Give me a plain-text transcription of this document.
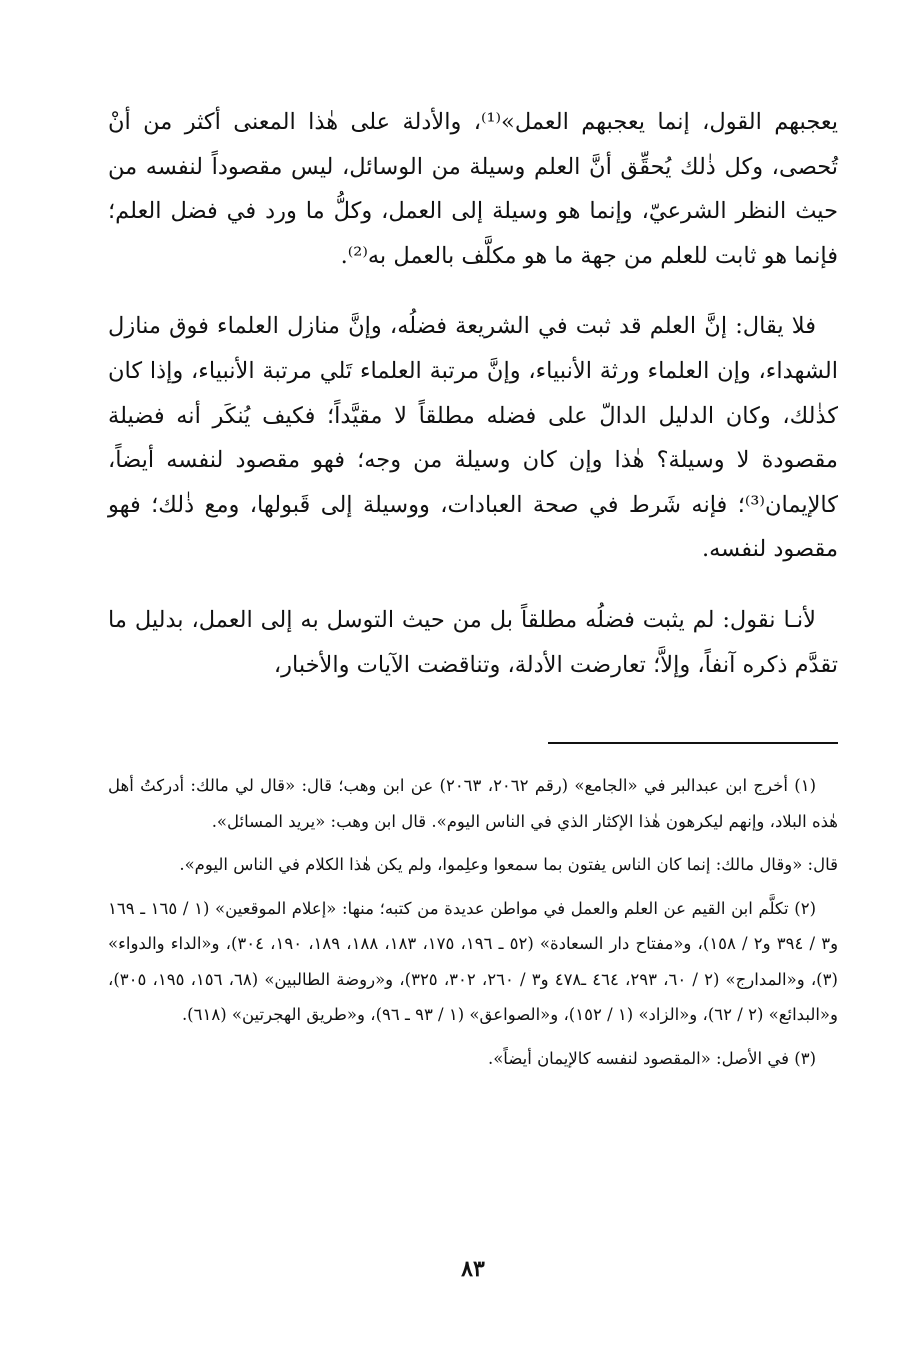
يعجبهم القول، إنما يعجبهم العمل»⁽¹⁾، والأدلة على هٰذا المعنى أكثر من أنْ تُحصى، وكل ذٰلك يُحقِّق أنَّ العلم وسيلة من الوسائل، ليس مقصوداً لنفسه من حيث النظر الشرعيّ، وإنما هو وسيلة إلى العمل، وكلُّ ما ورد في فضل العلم؛ فإنما هو ثابت للعلم من جهة ما هو مكلَّف بالعمل به⁽²⁾.

فلا يقال: إنَّ العلم قد ثبت في الشريعة فضلُه، وإنَّ منازل العلماء فوق منازل الشهداء، وإن العلماء ورثة الأنبياء، وإنَّ مرتبة العلماء تَلي مرتبة الأنبياء، وإذا كان كذٰلك، وكان الدليل الدالّ على فضله مطلقاً لا مقيَّداً؛ فكيف يُنكَر أنه فضيلة مقصودة لا وسيلة؟ هٰذا وإن كان وسيلة من وجه؛ فهو مقصود لنفسه أيضاً، كالإيمان⁽³⁾؛ فإنه شَرط في صحة العبادات، ووسيلة إلى قَبولها، ومع ذٰلك؛ فهو مقصود لنفسه.

لأنـا نقول: لم يثبت فضلُه مطلقاً بل من حيث التوسل به إلى العمل، بدليل ما تقدَّم ذكره آنفاً، وإلاَّ؛ تعارضت الأدلة، وتناقضت الآيات والأخبار،

(١) أخرج ابن عبدالبر في «الجامع» (رقم ٢٠٦٢، ٢٠٦٣) عن ابن وهب؛ قال: «قال لي مالك: أدركتُ أهل هٰذه البلاد، وإنهم ليكرهون هٰذا الإكثار الذي في الناس اليوم». قال ابن وهب: «يريد المسائل».

قال: «وقال مالك: إنما كان الناس يفتون بما سمعوا وعلِموا، ولم يكن هٰذا الكلام في الناس اليوم».

(٢) تكلَّم ابن القيم عن العلم والعمل في مواطن عديدة من كتبه؛ منها: «إعلام الموقعين» (١ / ١٦٥ ـ ١٦٩ و٣ / ٣٩٤ و٢ / ١٥٨)، و«مفتاح دار السعادة» (٥٢ ـ ١٩٦، ١٧٥، ١٨٣، ١٨٨، ١٨٩، ١٩٠، ٣٠٤)، و«الداء والدواء» (٣)، و«المدارج» (٢ / ٦٠، ٢٩٣، ٤٦٤ ـ٤٧٨ و٣ / ٢٦٠، ٣٠٢، ٣٢٥)، و«روضة الطالبين» (٦٨، ١٥٦، ١٩٥، ٣٠٥)، و«البدائع» (٢ / ٦٢)، و«الزاد» (١ / ١٥٢)، و«الصواعق» (١ / ٩٣ ـ ٩٦)، و«طريق الهجرتين» (٦١٨).

(٣) في الأصل: «المقصود لنفسه كالإيمان أيضاً».

٨٣
